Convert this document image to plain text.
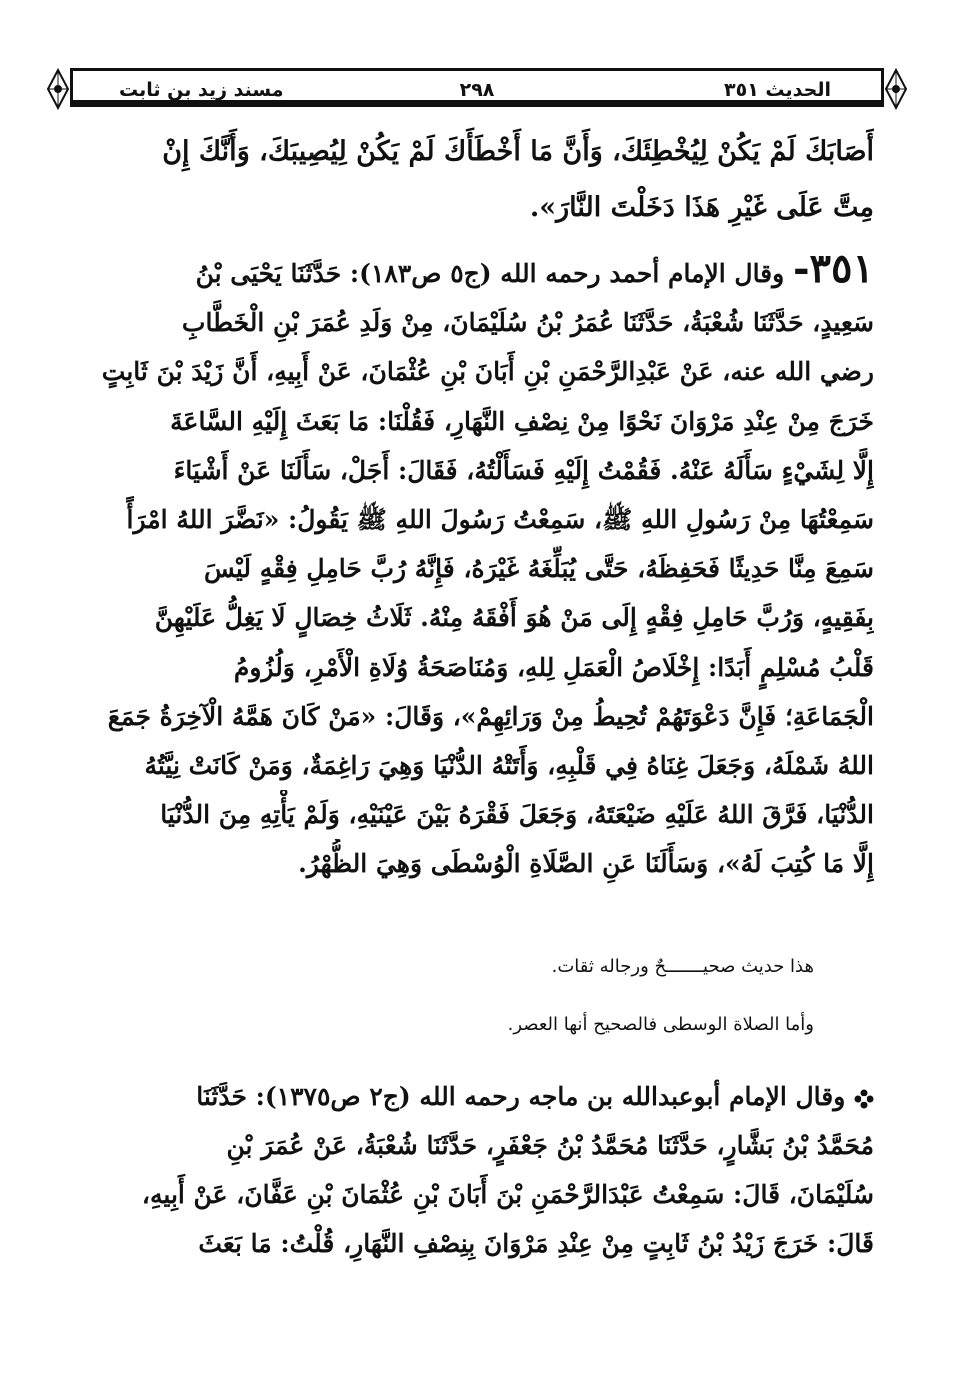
الحديث ٣٥١
٢٩٨
مسند زيد بن ثابت
أَصَابَكَ لَمْ يَكُنْ لِيُخْطِئَكَ، وَأَنَّ مَا أَخْطَأَكَ لَمْ يَكُنْ لِيُصِيبَكَ، وَأَنَّكَ إِنْ
مِتَّ عَلَى غَيْرِ هَذَا دَخَلْتَ النَّارَ».
٣٥١- وقال الإمام أحمد رحمه الله (ج٥ ص١٨٣): حَدَّثَنَا يَحْيَى بْنُ
سَعِيدٍ، حَدَّثَنَا شُعْبَةُ، حَدَّثَنَا عُمَرُ بْنُ سُلَيْمَانَ، مِنْ وَلَدِ عُمَرَ بْنِ الْخَطَّابِ
رضي الله عنه، عَنْ عَبْدِالرَّحْمَنِ بْنِ أَبَانَ بْنِ عُثْمَانَ، عَنْ أَبِيهِ، أَنَّ زَيْدَ بْنَ ثَابِتٍ
خَرَجَ مِنْ عِنْدِ مَرْوَانَ نَحْوًا مِنْ نِصْفِ النَّهَارِ، فَقُلْنَا: مَا بَعَثَ إِلَيْهِ السَّاعَةَ
إِلَّا لِشَيْءٍ سَأَلَهُ عَنْهُ. فَقُمْتُ إِلَيْهِ فَسَأَلْتُهُ، فَقَالَ: أَجَلْ، سَأَلَنَا عَنْ أَشْيَاءَ
سَمِعْتُهَا مِنْ رَسُولِ اللهِ ﷺ، سَمِعْتُ رَسُولَ اللهِ ﷺ يَقُولُ: «نَضَّرَ اللهُ امْرَأً
سَمِعَ مِنَّا حَدِيثًا فَحَفِظَهُ، حَتَّى يُبَلِّغَهُ غَيْرَهُ، فَإِنَّهُ رُبَّ حَامِلِ فِقْهٍ لَيْسَ
بِفَقِيهٍ، وَرُبَّ حَامِلِ فِقْهٍ إِلَى مَنْ هُوَ أَفْقَهُ مِنْهُ. ثَلَاثُ خِصَالٍ لَا يَغِلُّ عَلَيْهِنَّ
قَلْبُ مُسْلِمٍ أَبَدًا: إِخْلَاصُ الْعَمَلِ لِلهِ، وَمُنَاصَحَةُ وُلَاةِ الْأَمْرِ، وَلُزُومُ
الْجَمَاعَةِ؛ فَإِنَّ دَعْوَتَهُمْ تُحِيطُ مِنْ وَرَائِهِمْ»، وَقَالَ: «مَنْ كَانَ هَمَّهُ الْآخِرَةُ جَمَعَ
اللهُ شَمْلَهُ، وَجَعَلَ غِنَاهُ فِي قَلْبِهِ، وَأَتَتْهُ الدُّنْيَا وَهِيَ رَاغِمَةٌ، وَمَنْ كَانَتْ نِيَّتُهُ
الدُّنْيَا، فَرَّقَ اللهُ عَلَيْهِ ضَيْعَتَهُ، وَجَعَلَ فَقْرَهُ بَيْنَ عَيْنَيْهِ، وَلَمْ يَأْتِهِ مِنَ الدُّنْيَا
إِلَّا مَا كُتِبَ لَهُ»، وَسَأَلَنَا عَنِ الصَّلَاةِ الْوُسْطَى وَهِيَ الظُّهْرُ.
هذا حديث صحيـــــــحٌ ورجاله ثقات.
وأما الصلاة الوسطى فالصحيح أنها العصر.
وقال الإمام أبوعبدالله بن ماجه رحمه الله (ج٢ ص١٣٧٥): حَدَّثَنَا
مُحَمَّدُ بْنُ بَشَّارٍ، حَدَّثَنَا مُحَمَّدُ بْنُ جَعْفَرٍ، حَدَّثَنَا شُعْبَةُ، عَنْ عُمَرَ بْنِ
سُلَيْمَانَ، قَالَ: سَمِعْتُ عَبْدَالرَّحْمَنِ بْنَ أَبَانَ بْنِ عُثْمَانَ بْنِ عَفَّانَ، عَنْ أَبِيهِ،
قَالَ: خَرَجَ زَيْدُ بْنُ ثَابِتٍ مِنْ عِنْدِ مَرْوَانَ بِنِصْفِ النَّهَارِ، قُلْتُ: مَا بَعَثَ
